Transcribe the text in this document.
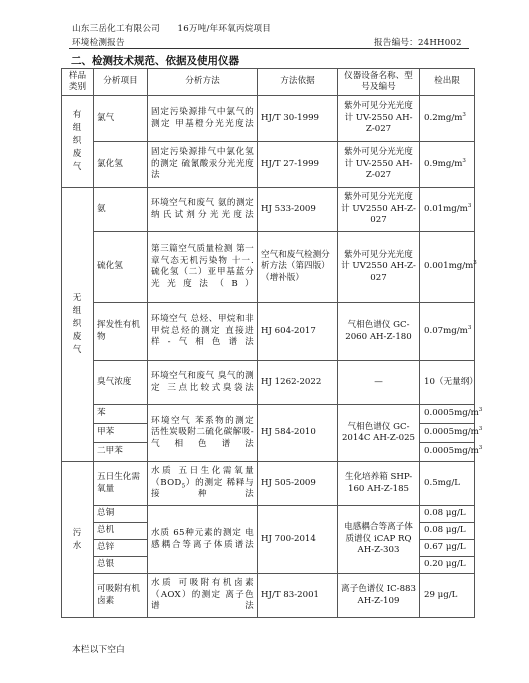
山东三岳化工有限公司　　16万吨/年环氧丙烷项目
环境检测报告	报告编号：24HH002
二、检测技术规范、依据及使用仪器
样品类别	分析项目	分析方法	方法依据	仪器设备名称、型号及编号	检出限
有组织废气	氯气	固定污染源排气中氯气的测定 甲基橙分光光度法	HJ/T 30-1999	紫外可见分光光度计 UV-2550 AH-Z-027	$0.2mg/m^3$
	氯化氢	固定污染源排气中氯化氢的测定 硫氰酸汞分光光度法	HJ/T 27-1999	紫外可见分光光度计 UV-2550 AH-Z-027	$0.9mg/m^3$
无组织废气	氨	环境空气和废气 氨的测定 纳氏试剂分光光度法	HJ 533-2009	紫外可见分光光度计 UV2550 AH-Z-027	$0.01mg/m^3$
	硫化氢	第三篇空气质量检测 第一章气态无机污染物 十一.硫化氢（二）亚甲基蓝分光光度法（B）	空气和废气检测分析方法（第四版）（增补版）	紫外可见分光光度计 UV2550 AH-Z-027	$0.001mg/m^3$
	挥发性有机物	环境空气 总烃、甲烷和非甲烷总烃的测定 直接进样-气相色谱法	HJ 604-2017	气相色谱仪 GC-2060 AH-Z-180	$0.07mg/m^3$
	臭气浓度	环境空气和废气 臭气的测定 三点比较式臭袋法	HJ 1262-2022	—	10（无量纲）
	苯	环境空气 苯系物的测定 活性炭吸附二硫化碳解吸-气相色谱法	HJ 584-2010	气相色谱仪 GC-2014C AH-Z-025	$0.0005mg/m^3$
	甲苯				$0.0005mg/m^3$
	二甲苯				$0.0005mg/m^3$
污水	五日生化需氧量	水质 五日生化需氧量$(BOD_5)$的测定 稀释与接种法	HJ 505-2009	生化培养箱 SHP-160 AH-Z-185	0.5mg/L
	总铜	水质 65种元素的测定 电感耦合等离子体质谱法	HJ 700-2014	电感耦合等离子体质谱仪 iCAP RQ AH-Z-303	0.08 μg/L
	总机				0.08 μg/L
	总锌				0.67 μg/L
	总银				0.20 μg/L
	可吸附有机卤素	水质 可吸附有机卤素（AOX）的测定 离子色谱法	HJ/T 83-2001	离子色谱仪 IC-883 AH-Z-109	29 μg/L
本栏以下空白
